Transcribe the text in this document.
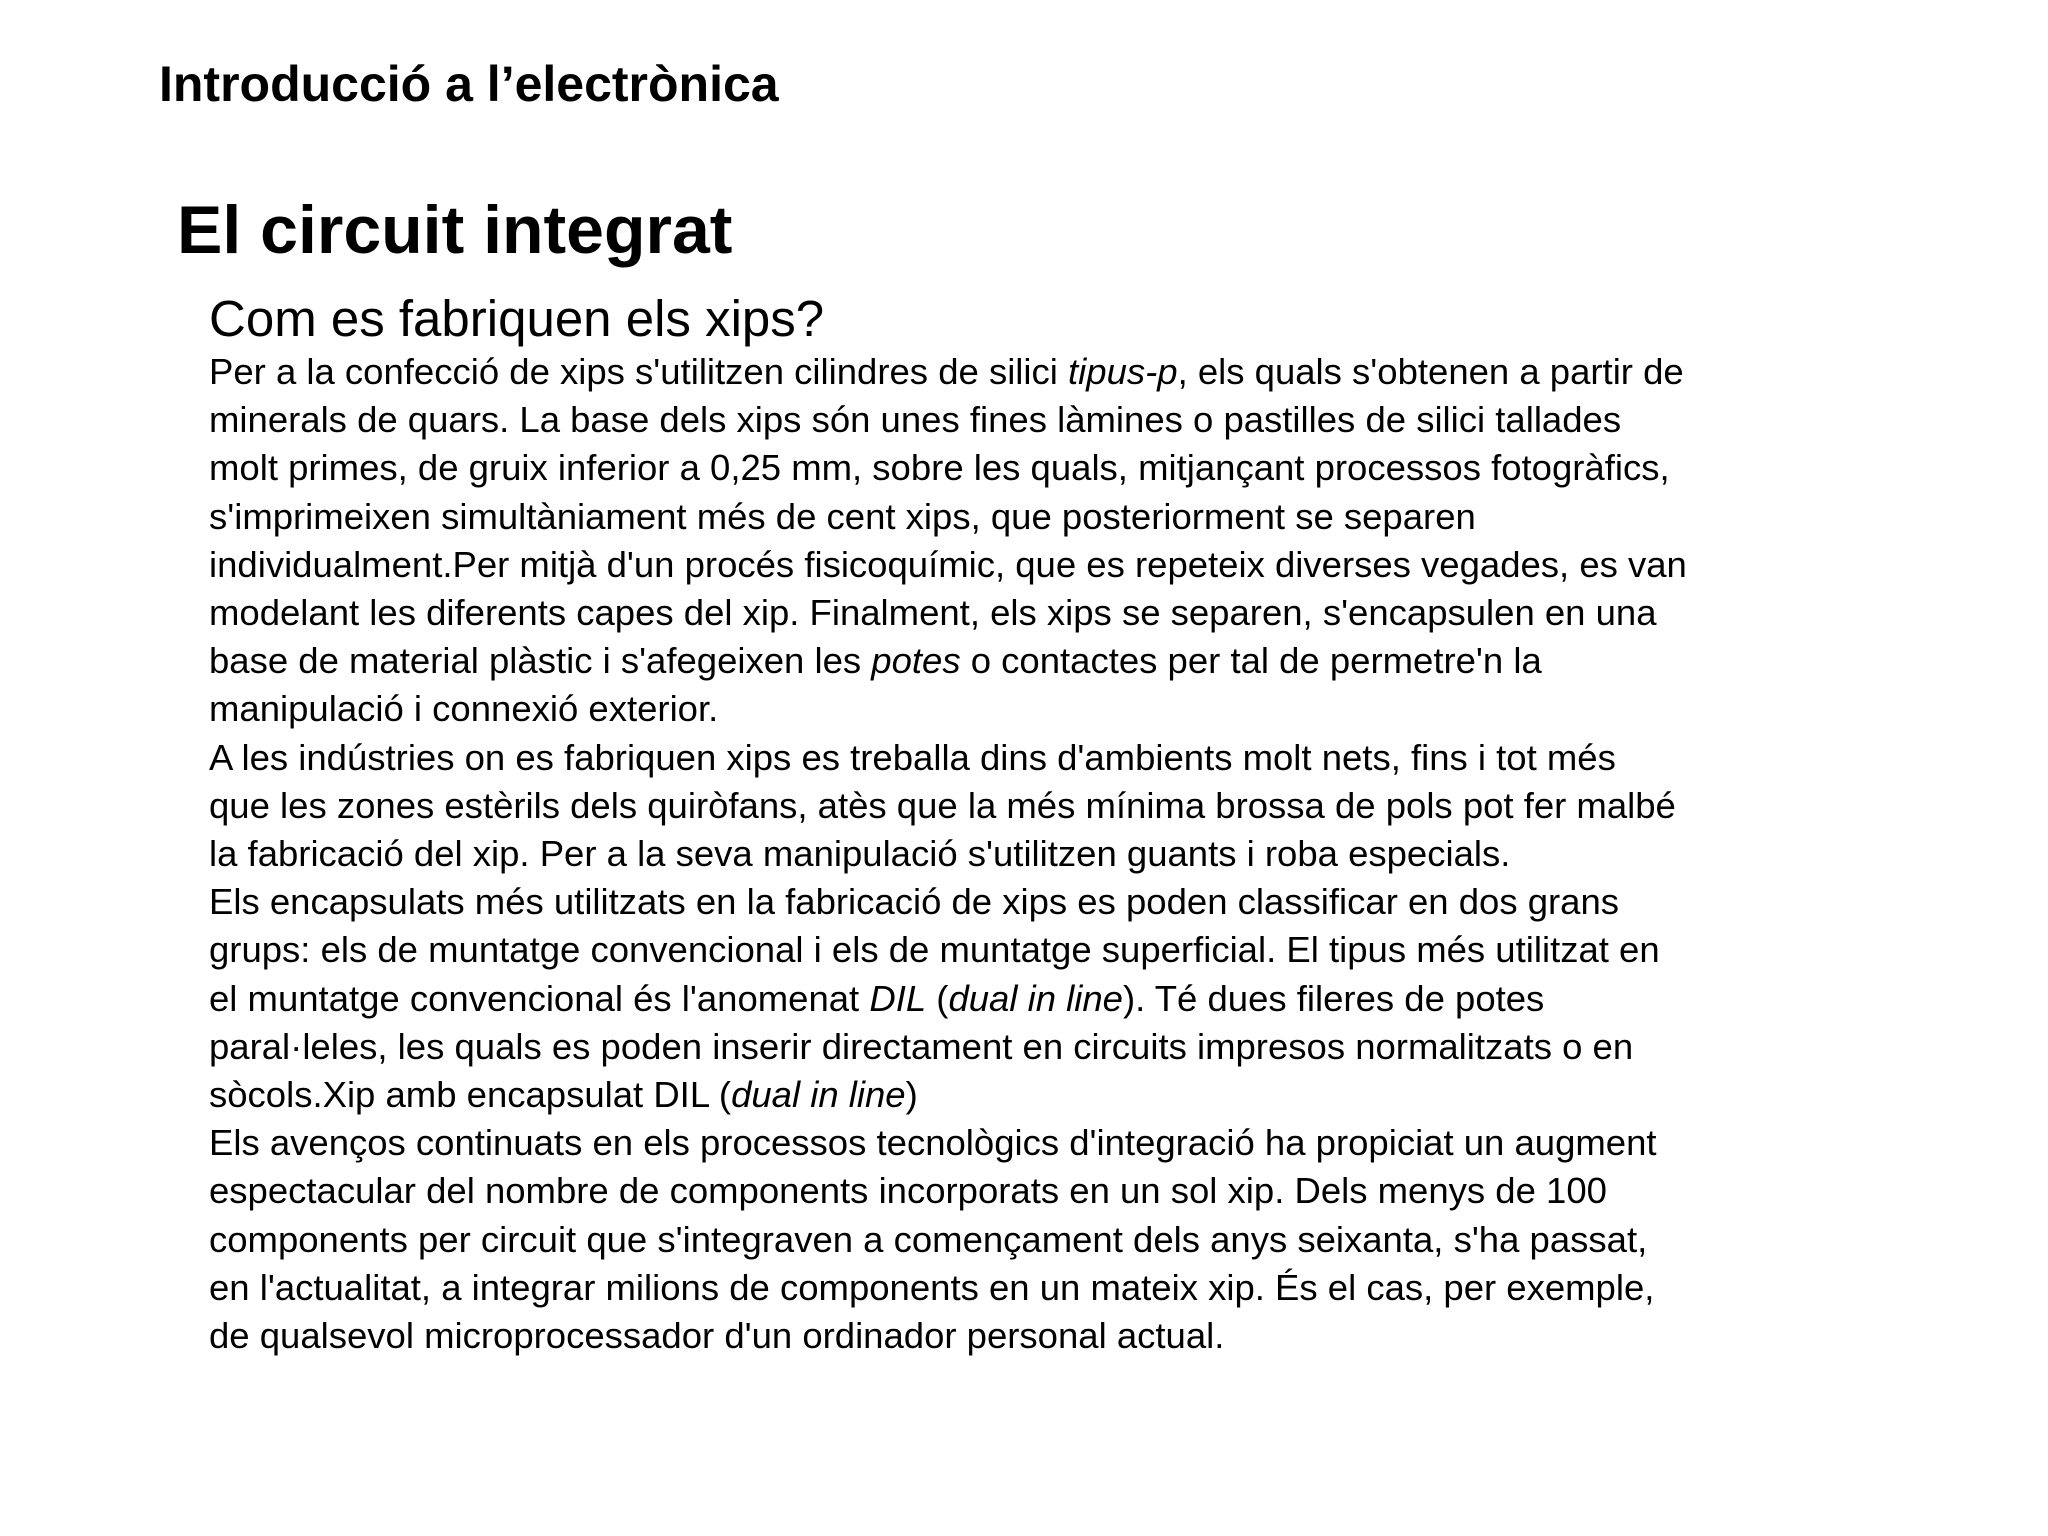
Introducció a l’electrònica
El circuit integrat
Com es fabriquen els xips?
Per a la confecció de xips s'utilitzen cilindres de silici tipus-p, els quals s'obtenen a partir de
minerals de quars. La base dels xips són unes fines làmines o pastilles de silici tallades
molt primes, de gruix inferior a 0,25 mm, sobre les quals, mitjançant processos fotogràfics,
s'imprimeixen simultàniament més de cent xips, que posteriorment se separen
individualment.Per mitjà d'un procés fisicoquímic, que es repeteix diverses vegades, es van
modelant les diferents capes del xip. Finalment, els xips se separen, s'encapsulen en una
base de material plàstic i s'afegeixen les potes o contactes per tal de permetre'n la
manipulació i connexió exterior.
A les indústries on es fabriquen xips es treballa dins d'ambients molt nets, fins i tot més
que les zones estèrils dels quiròfans, atès que la més mínima brossa de pols pot fer malbé
la fabricació del xip. Per a la seva manipulació s'utilitzen guants i roba especials.
Els encapsulats més utilitzats en la fabricació de xips es poden classificar en dos grans
grups: els de muntatge convencional i els de muntatge superficial. El tipus més utilitzat en
el muntatge convencional és l'anomenat DIL (dual in line). Té dues fileres de potes
paral·leles, les quals es poden inserir directament en circuits impresos normalitzats o en
sòcols.Xip amb encapsulat DIL (dual in line)
Els avenços continuats en els processos tecnològics d'integració ha propiciat un augment
espectacular del nombre de components incorporats en un sol xip. Dels menys de 100
components per circuit que s'integraven a començament dels anys seixanta, s'ha passat,
en l'actualitat, a integrar milions de components en un mateix xip. És el cas, per exemple,
de qualsevol microprocessador d'un ordinador personal actual.
